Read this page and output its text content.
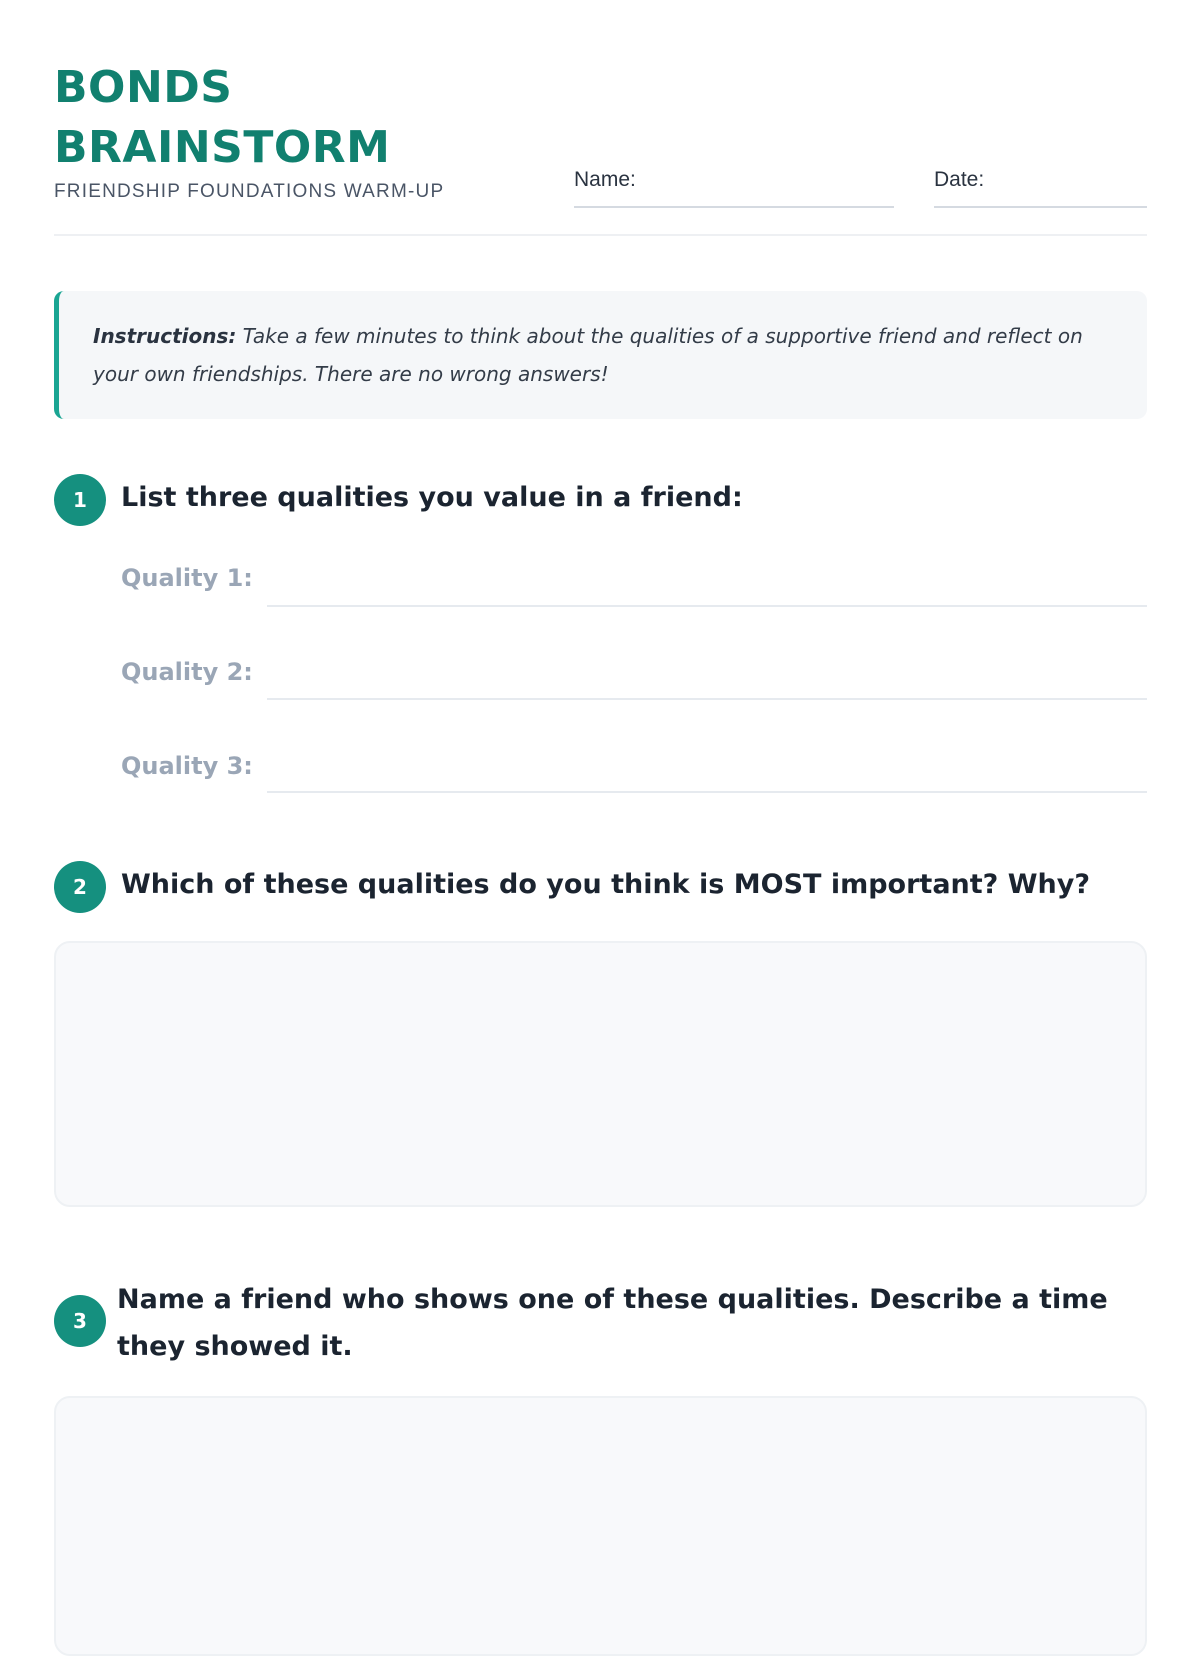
BONDS
BRAINSTORM
FRIENDSHIP FOUNDATIONS WARM-UP
Name:	Date:
Instructions: Take a few minutes to think about the qualities of a supportive friend and reflect on your own friendships. There are no wrong answers!
1	List three qualities you value in a friend:

Quality 1:
Quality 2:
Quality 3:
2	Which of these qualities do you think is MOST important? Why?

3

Name a friend who shows one of these qualities. Describe a time they showed it.
